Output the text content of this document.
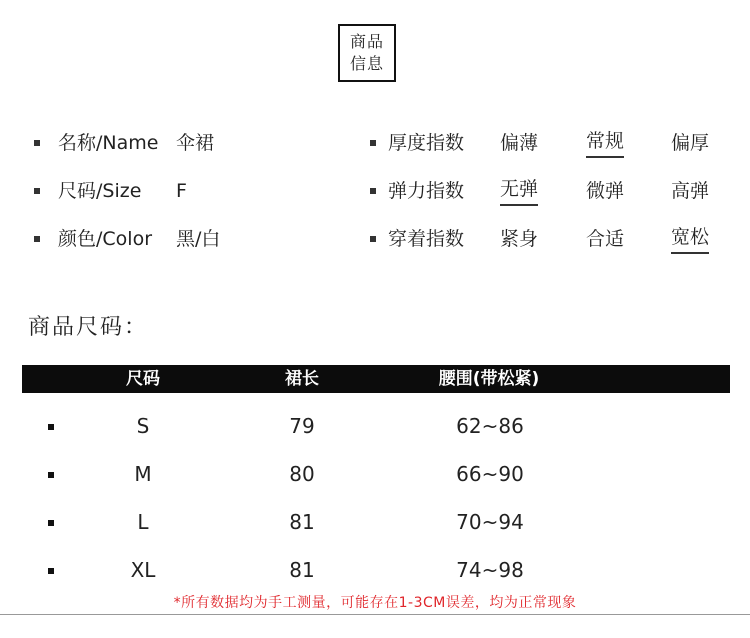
商品
信息
名称/Name 伞裙
尺码/Size F
颜色/Color 黑/白
厚度指数 偏薄	常规 偏厚
弹力指数 无弹	微弹 高弹
穿着指数 紧身	合适 宽松
商品尺码：
尺码	裙长	腰围(带松紧)
S	79	62~86
M	80	66~90
L	81	70~94
XL	81	74~98
*所有数据均为手工测量，可能存在1-3CM误差，均为正常现象
